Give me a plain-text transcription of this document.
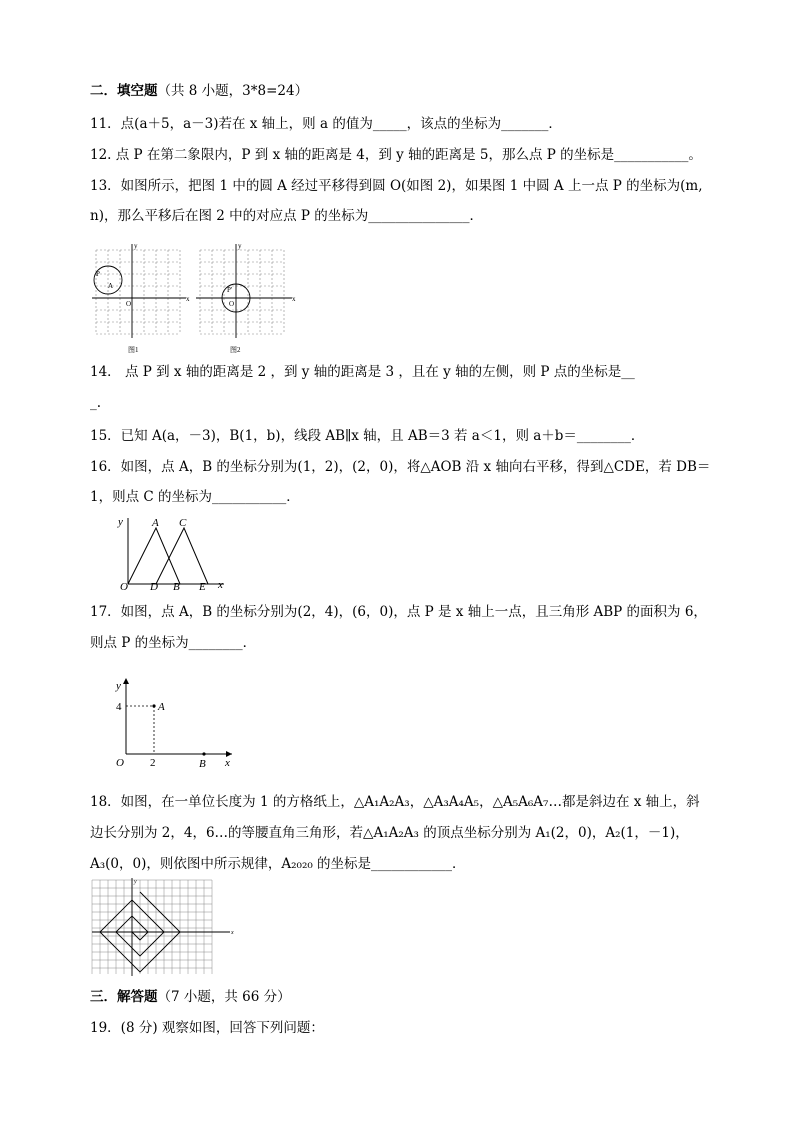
二．填空题（共 8 小题，3*8=24）
11．点(a＋5，a－3)若在 x 轴上，则 a 的值为_____，该点的坐标为_______．
12. 点 P 在第二象限内，P 到 x 轴的距离是 4，到 y 轴的距离是 5，那么点 P 的坐标是___________。
13．如图所示，把图 1 中的圆 A 经过平移得到圆 O(如图 2)，如果图 1 中圆 A 上一点 P 的坐标为(m,
n)，那么平移后在图 2 中的对应点 P 的坐标为_______________．
x
y
O
P
A
图1
x
y
O
P'
图2
14． 点 P 到 x 轴的距离是 2 ，到 y 轴的距离是 3 ，且在 y 轴的左侧，则 P 点的坐标是__
_.
15．已知 A(a，－3)，B(1，b)，线段 AB∥x 轴，且 AB＝3 若 a＜1，则 a＋b＝________．
16．如图，点 A，B 的坐标分别为(1，2)，(2，0)，将△AOB 沿 x 轴向右平移，得到△CDE，若 DB＝
1，则点 C 的坐标为___________．
y
x
A C
O D B E
17．如图，点 A，B 的坐标分别为(2，4)，(6，0)，点 P 是 x 轴上一点，且三角形 ABP 的面积为 6，
则点 P 的坐标为________．
y
x
4
2
A
O	B
18．如图，在一单位长度为 1 的方格纸上，△A₁A₂A₃，△A₃A₄A₅，△A₅A₆A₇…都是斜边在 x 轴上，斜
边长分别为 2，4，6…的等腰直角三角形，若△A₁A₂A₃ 的顶点坐标分别为 A₁(2，0)，A₂(1，－1)，
A₃(0，0)，则依图中所示规律，A₂₀₂₀ 的坐标是____________．
x
y
三．解答题（7 小题，共 66 分）
19．(8 分) 观察如图，回答下列问题：
